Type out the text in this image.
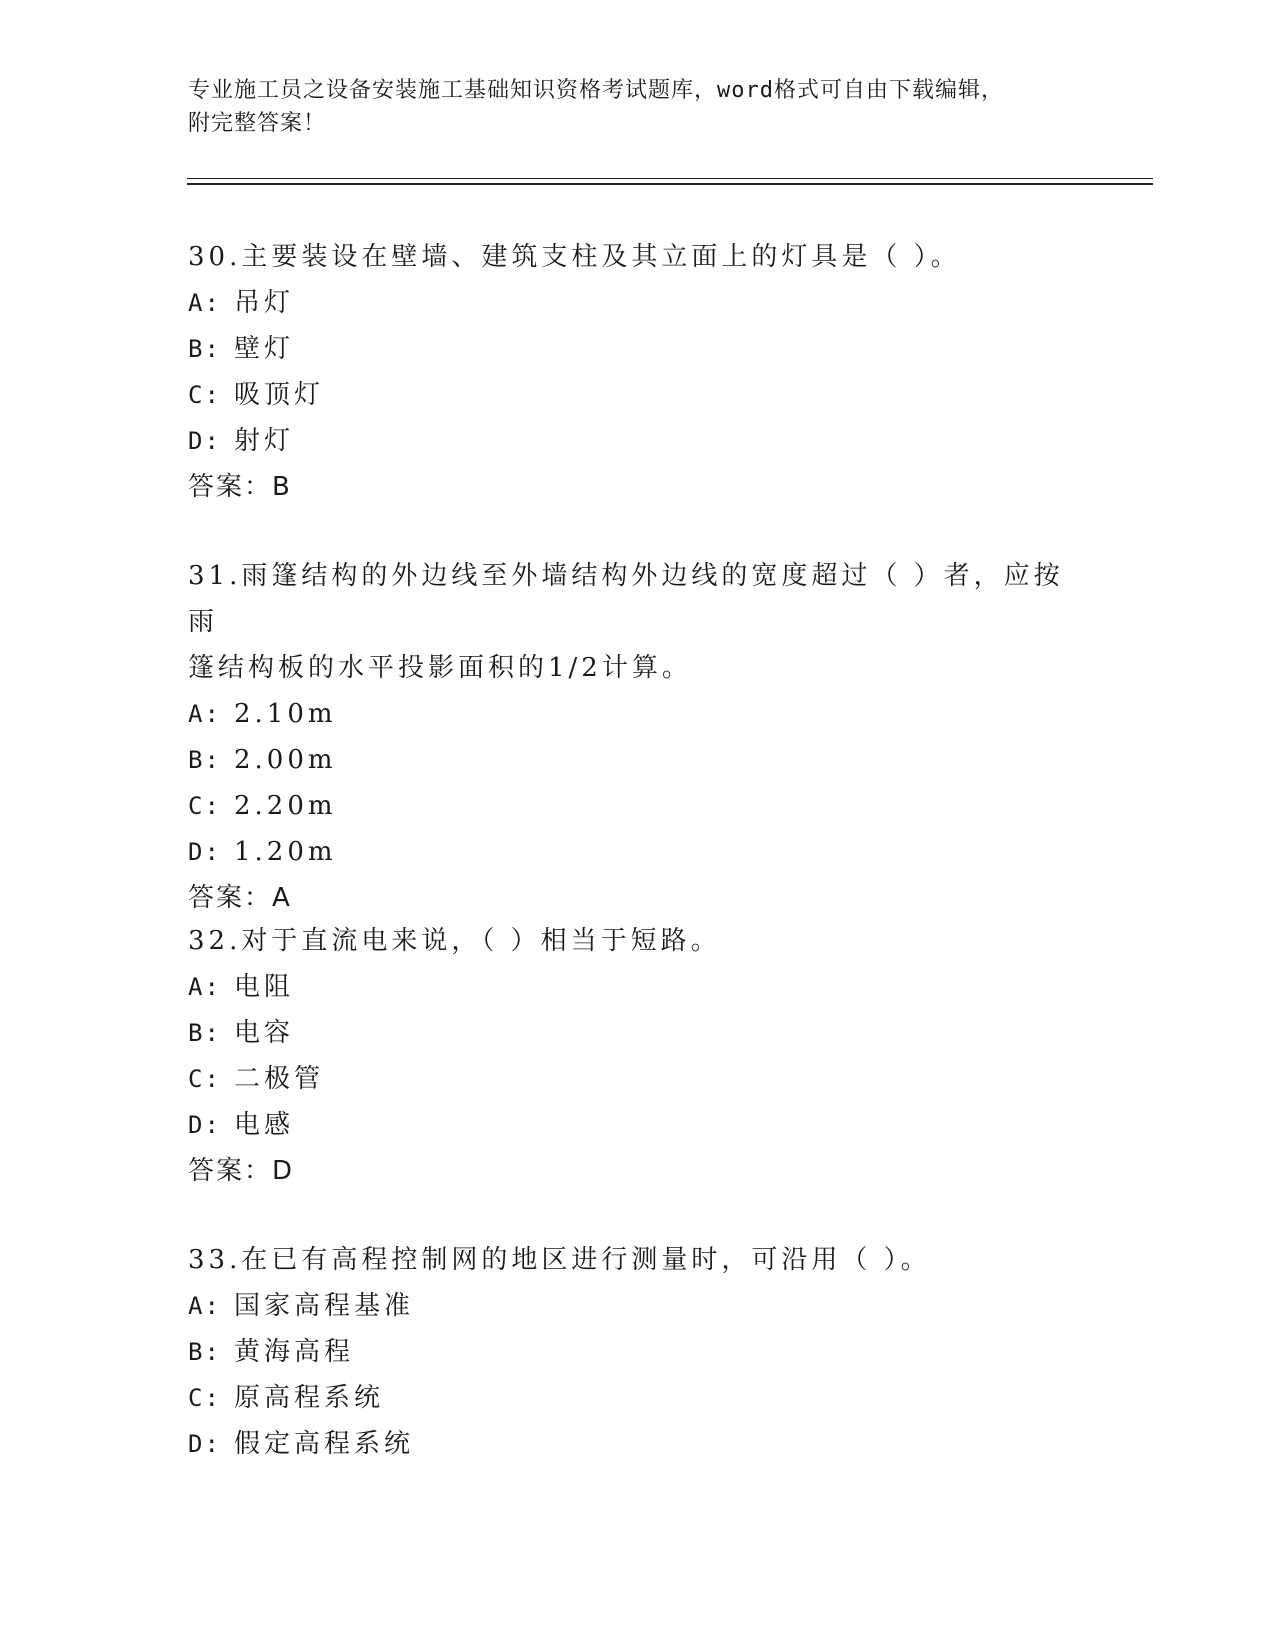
专业施工员之设备安装施工基础知识资格考试题库，word格式可自由下载编辑，
附完整答案！

30.主要装设在壁墙、建筑支柱及其立面上的灯具是（ ）。

A: 吊灯

B: 壁灯

C: 吸顶灯

D: 射灯

答案：B

31.雨篷结构的外边线至外墙结构外边线的宽度超过（ ）者，应按雨

篷结构板的水平投影面积的1/2计算。

A: 2.10m

B: 2.00m

C: 2.20m

D: 1.20m

答案：A

32.对于直流电来说，（ ）相当于短路。

A: 电阻

B: 电容

C: 二极管

D: 电感

答案：D

33.在已有高程控制网的地区进行测量时，可沿用（ ）。

A: 国家高程基准

B: 黄海高程

C: 原高程系统

D: 假定高程系统
